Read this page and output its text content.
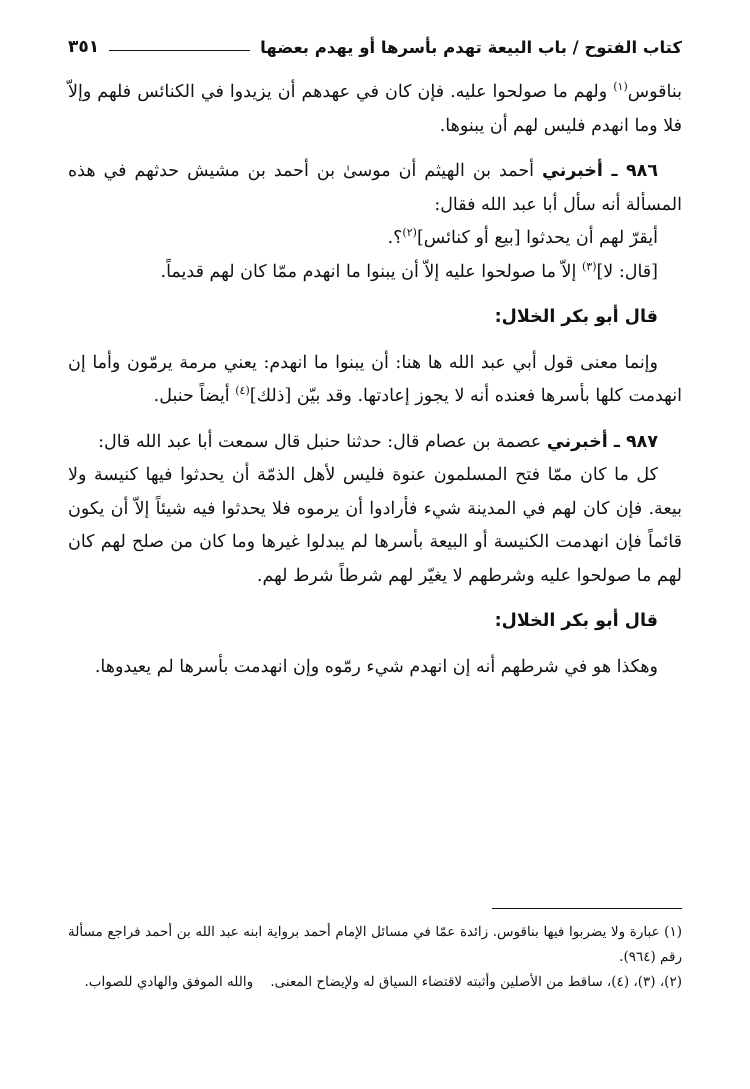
كتاب الفتوح / باب البيعة تهدم بأسرها أو يهدم بعضها
٣٥١

بناقوس$^{(١)}$ ولهم ما صولحوا عليه. فإن كان في عهدهم أن يزيدوا في الكنائس فلهم وإلاّ فلا وما انهدم فليس لهم أن يبنوها.

٩٨٦ ـ أخبرني أحمد بن الهيثم أن موسىٰ بن أحمد بن مشيش حدثهم في هذه المسألة أنه سأل أبا عبد الله فقال:

أيقرّ لهم أن يحدثوا [بيع أو كنائس]$^{(٢)}$؟.

[قال: لا]$^{(٣)}$ إلاّ ما صولحوا عليه إلاّ أن يبنوا ما انهدم ممّا كان لهم قديماً.

قال أبو بكر الخلال:

وإنما معنى قول أبي عبد الله ها هنا: أن يبنوا ما انهدم: يعني مرمة يرمّون وأما إن انهدمت كلها بأسرها فعنده أنه لا يجوز إعادتها. وقد بيّن [ذلك]$^{(٤)}$ أيضاً حنبل.

٩٨٧ ـ أخبرني عصمة بن عصام قال: حدثنا حنبل قال سمعت أبا عبد الله قال:

كل ما كان ممّا فتح المسلمون عنوة فليس لأهل الذمّة أن يحدثوا فيها كنيسة ولا بيعة. فإن كان لهم في المدينة شيء فأرادوا أن يرموه فلا يحدثوا فيه شيئاً إلاّ أن يكون قائماً فإن انهدمت الكنيسة أو البيعة بأسرها لم يبدلوا غيرها وما كان من صلح لهم كان لهم ما صولحوا عليه وشرطهم لا يغيّر لهم شرطاً شرط لهم.

قال أبو بكر الخلال:

وهكذا هو في شرطهم أنه إن انهدم شيء رمّوه وإن انهدمت بأسرها لم يعيدوها.

(١) عبارة ولا يضربوا فيها بناقوس. زائدة عمّا في مسائل الإمام أحمد برواية ابنه عبد الله بن أحمد فراجع مسألة رقم (٩٦٤).

(٢)، (٣)، (٤)، ساقط من الأصلين وأثبته لاقتضاء السياق له ولإيضاح المعنى.    والله الموفق والهادي للصواب.
